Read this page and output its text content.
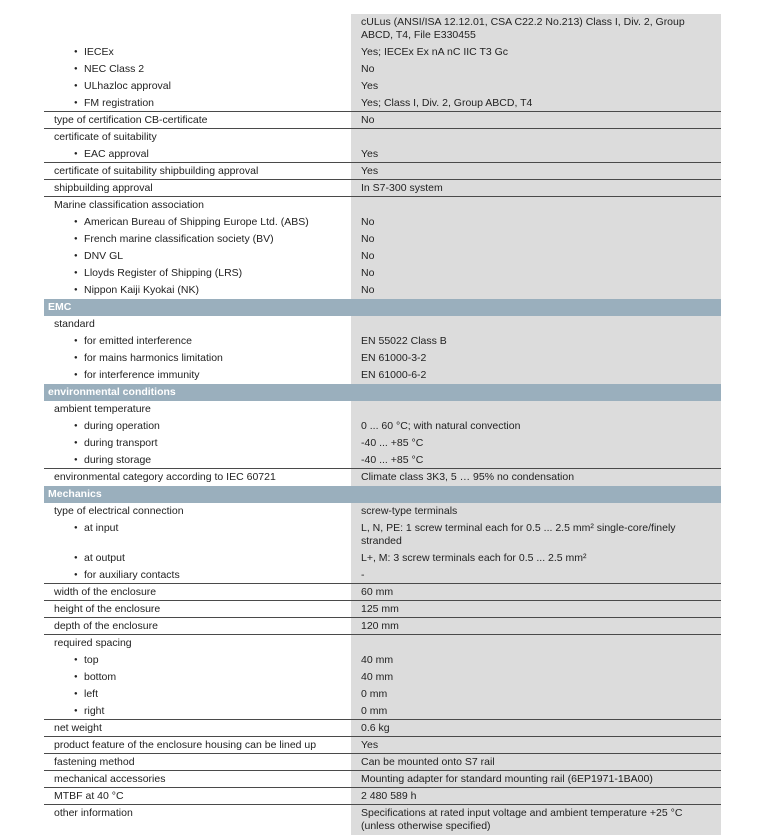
cULus (ANSI/ISA 12.12.01, CSA C22.2 No.213) Class I, Div. 2, Group ABCD, T4, File E330455
● IECEx	Yes; IECEx Ex nA nC IIC T3 Gc
● NEC Class 2	No
● ULhazloc approval	Yes
● FM registration	Yes; Class I, Div. 2, Group ABCD, T4
type of certification CB-certificate	No
certificate of suitability
● EAC approval	Yes
certificate of suitability shipbuilding approval	Yes
shipbuilding approval	In S7-300 system
Marine classification association
● American Bureau of Shipping Europe Ltd. (ABS)	No
● French marine classification society (BV)	No
● DNV GL	No
● Lloyds Register of Shipping (LRS)	No
● Nippon Kaiji Kyokai (NK)	No
EMC
standard
● for emitted interference	EN 55022 Class B
● for mains harmonics limitation	EN 61000-3-2
● for interference immunity	EN 61000-6-2
environmental conditions
ambient temperature
● during operation	0 ... 60 °C; with natural convection
● during transport	-40 ... +85 °C
● during storage	-40 ... +85 °C
environmental category according to IEC 60721	Climate class 3K3, 5 … 95% no condensation
Mechanics
type of electrical connection	screw-type terminals
● at input	L, N, PE: 1 screw terminal each for 0.5 ... 2.5 mm² single-core/finely stranded
● at output	L+, M: 3 screw terminals each for 0.5 ... 2.5 mm²
● for auxiliary contacts	-
width of the enclosure	60 mm
height of the enclosure	125 mm
depth of the enclosure	120 mm
required spacing
● top	40 mm
● bottom	40 mm
● left	0 mm
● right	0 mm
net weight	0.6 kg
product feature of the enclosure housing can be lined up	Yes
fastening method	Can be mounted onto S7 rail
mechanical accessories	Mounting adapter for standard mounting rail (6EP1971-1BA00)
MTBF at 40 °C	2 480 589 h
other information	Specifications at rated input voltage and ambient temperature +25 °C (unless otherwise specified)
